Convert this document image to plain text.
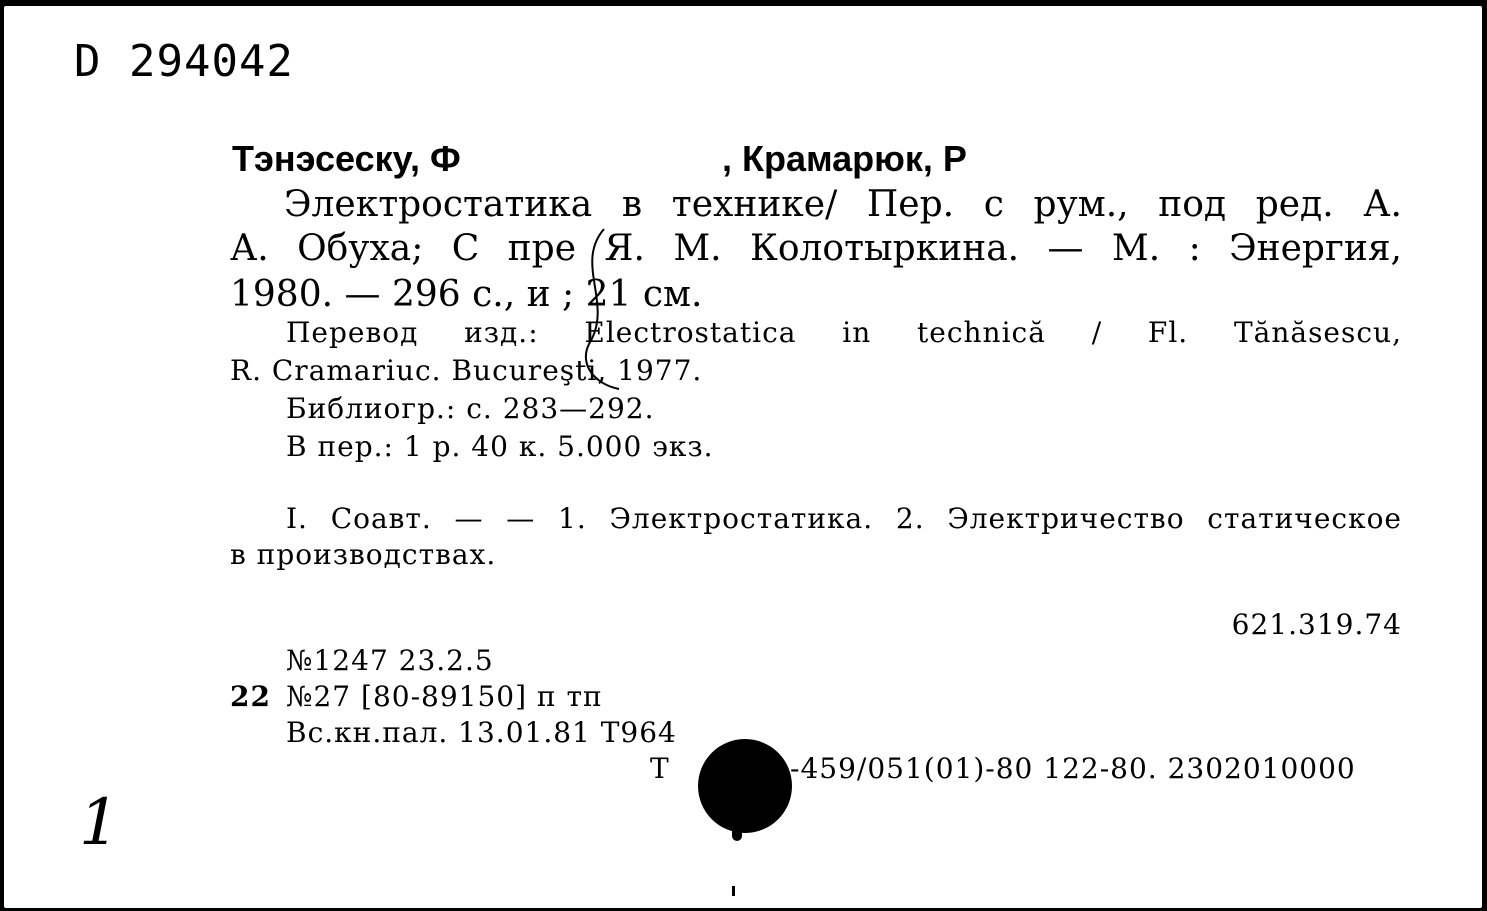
D 294042
Тэнэсеску, Ф	, Крамарюк, Р
Электростатика в технике/ Пер. с рум., под ред. А.
А. Обуха; С пре Я. М. Колотыркина. — М. : Энергия,
1980. — 296 с., и ; 21 см.
Перевод изд.: Electrostatica in technică / Fl. Tănăsescu,
R. Cramariuc. Bucureşti, 1977.
Библиогр.: с. 283—292.
В пер.: 1 р. 40 к. 5.000 экз.
I. Соавт. — — 1. Электростатика. 2. Электричество статическое
в производствах.
621.319.74
№1247 23.2.5
22 №27 [80-89150] п тп
Вс.кн.пал. 13.01.81 Т964
Т	-459/051(01)-80 122-80. 2302010000
1
